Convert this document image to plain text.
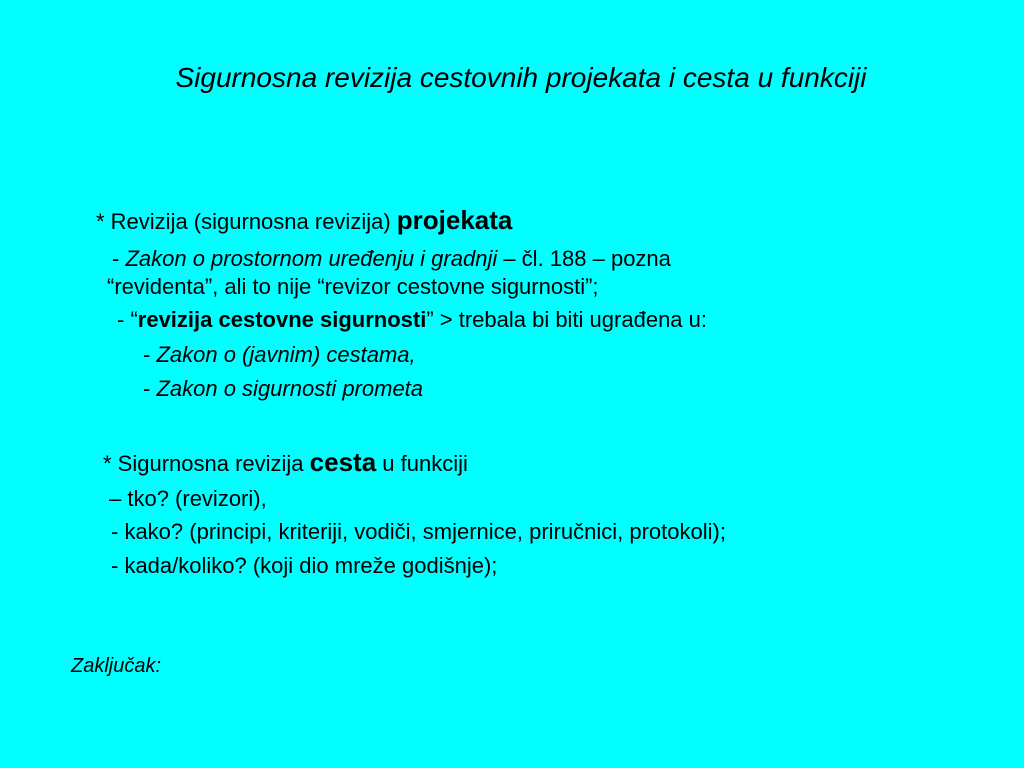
Sigurnosna revizija cestovnih projekata i cesta u funkciji
* Revizija (sigurnosna revizija) projekata
- Zakon o prostornom uređenju i gradnji – čl. 188 – pozna
“revidenta”, ali to nije “revizor cestovne sigurnosti”;
- “revizija cestovne sigurnosti” > trebala bi biti ugrađena u:
- Zakon o (javnim) cestama,
- Zakon o sigurnosti prometa
* Sigurnosna revizija cesta u funkciji
– tko? (revizori),
- kako? (principi, kriteriji, vodiči, smjernice, priručnici, protokoli);
- kada/koliko? (koji dio mreže godišnje);
Zaključak:
